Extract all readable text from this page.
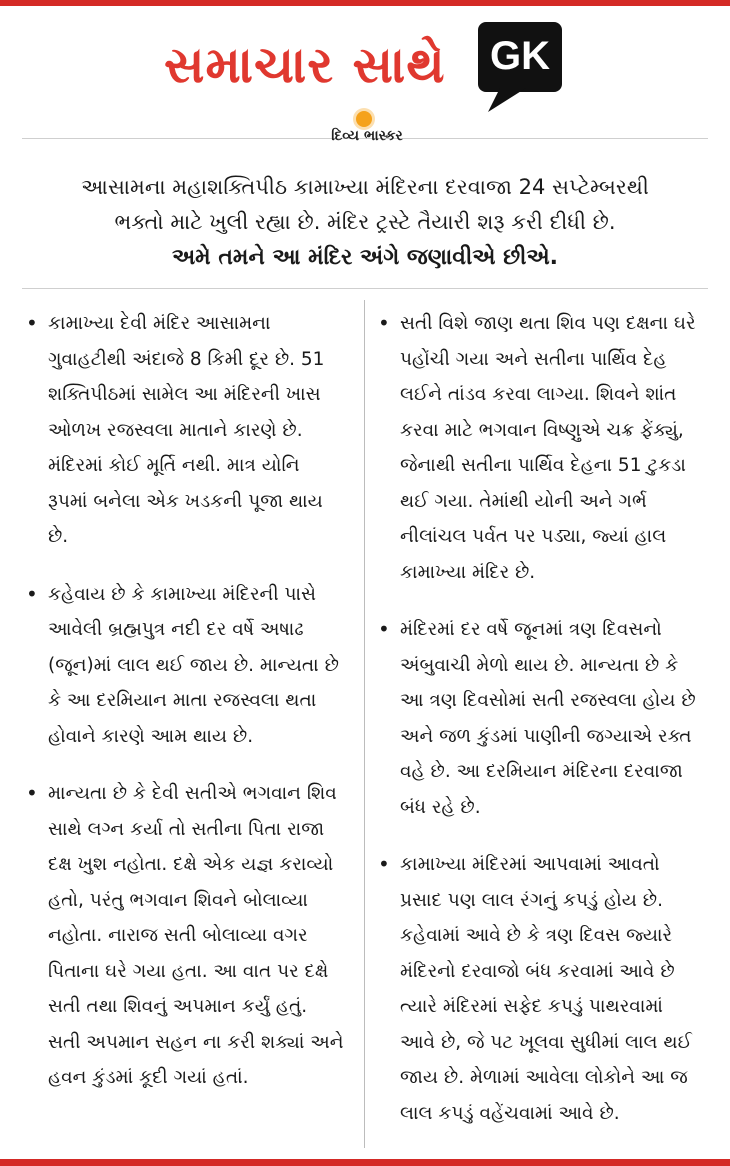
સમાચાર સાથે	GK
દિવ્ય ભાસ્કર
આસામના મહાશક્તિપીઠ કામાખ્યા મંદિરના દરવાજા 24 સપ્ટેમ્બરથી
ભક્તો માટે ખુલી રહ્યા છે. મંદિર ટ્રસ્ટે તૈયારી શરૂ કરી દીધી છે.
અમે તમને આ મંદિર અંગે જણાવીએ છીએ.
• કામાખ્યા દેવી મંદિર આસામના ગુવાહટીથી અંદાજે 8 કિમી દૂર છે. 51 શક્તિપીઠમાં સામેલ આ મંદિરની ખાસ ઓળખ રજસ્વલા માતાને કારણે છે. મંદિરમાં કોઈ મૂર્તિ નથી. માત્ર યોનિ રૂપમાં બનેલા એક ખડકની પૂજા થાય છે.
• કહેવાય છે કે કામાખ્યા મંદિરની પાસે આવેલી બ્રહ્મપુત્ર નદી દર વર્ષે અષાઢ (જૂન)માં લાલ થઈ જાય છે. માન્યતા છે કે આ દરમિયાન માતા રજસ્વલા થતા હોવાને કારણે આમ થાય છે.
• માન્યતા છે કે દેવી સતીએ ભગવાન શિવ સાથે લગ્ન કર્યા તો સતીના પિતા રાજા દક્ષ ખુશ નહોતા. દક્ષે એક યજ્ઞ કરાવ્યો હતો, પરંતુ ભગવાન શિવને બોલાવ્યા નહોતા. નારાજ સતી બોલાવ્યા વગર પિતાના ઘરે ગયા હતા. આ વાત પર દક્ષે સતી તથા શિવનું અપમાન કર્યું હતું. સતી અપમાન સહન ના કરી શક્યાં અને હવન કુંડમાં કૂદી ગયાં હતાં.
• સતી વિશે જાણ થતા શિવ પણ દક્ષના ઘરે પહોંચી ગયા અને સતીના પાર્થિવ દેહ લઈને તાંડવ કરવા લાગ્યા. શિવને શાંત કરવા માટે ભગવાન વિષ્ણુએ ચક્ર ફેંક્યું, જેનાથી સતીના પાર્થિવ દેહના 51 ટુકડા થઈ ગયા. તેમાંથી યોની અને ગર્ભ નીલાંચલ પર્વત પર પડ્યા, જ્યાં હાલ કામાખ્યા મંદિર છે.
• મંદિરમાં દર વર્ષે જૂનમાં ત્રણ દિવસનો અંબુવાચી મેળો થાય છે. માન્યતા છે કે આ ત્રણ દિવસોમાં સતી રજસ્વલા હોય છે અને જળ કુંડમાં પાણીની જગ્યાએ રક્ત વહે છે. આ દરમિયાન મંદિરના દરવાજા બંધ રહે છે.
• કામાખ્યા મંદિરમાં આપવામાં આવતો પ્રસાદ પણ લાલ રંગનું કપડું હોય છે. કહેવામાં આવે છે કે ત્રણ દિવસ જ્યારે મંદિરનો દરવાજો બંધ કરવામાં આવે છે ત્યારે મંદિરમાં સફેદ કપડું પાથરવામાં આવે છે, જે પટ ખૂલવા સુધીમાં લાલ થઈ જાય છે. મેળામાં આવેલા લોકોને આ જ લાલ કપડું વહેંચવામાં આવે છે.
